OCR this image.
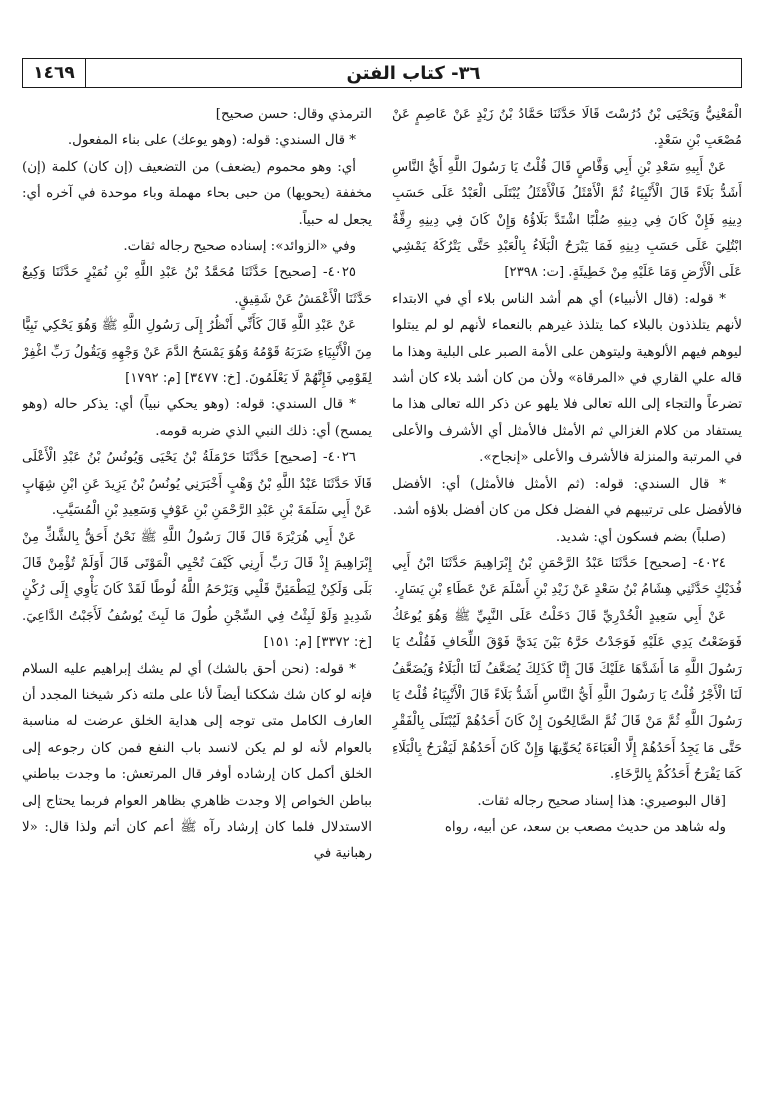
٣٦- كتاب الفتن
١٤٦٩

الْمَعْنِيُّ وَيَحْيَى بْنُ دُرُسْتَ قَالَا حَدَّثَنَا حَمَّادُ بْنُ زَيْدٍ عَنْ عَاصِمٍ عَنْ مُصْعَبِ بْنِ سَعْدٍ.

عَنْ أَبِيهِ سَعْدِ بْنِ أَبِي وَقَّاصٍ قَالَ قُلْتُ يَا رَسُولَ اللَّهِ أَيُّ النَّاسِ أَشَدُّ بَلَاءً قَالَ الْأَنْبِيَاءُ ثُمَّ الْأَمْثَلُ فَالْأَمْثَلُ يُبْتَلَى الْعَبْدُ عَلَى حَسَبِ دِينِهِ فَإِنْ كَانَ فِي دِينِهِ صُلْبًا اشْتَدَّ بَلَاؤُهُ وَإِنْ كَانَ فِي دِينِهِ رِقَّةٌ ابْتُلِيَ عَلَى حَسَبِ دِينِهِ فَمَا يَبْرَحُ الْبَلَاءُ بِالْعَبْدِ حَتَّى يَتْرُكَهُ يَمْشِي عَلَى الْأَرْضِ وَمَا عَلَيْهِ مِنْ خَطِيئَةٍ. [ت: ٢٣٩٨]

* قوله: (قال الأنبياء) أي هم أشد الناس بلاء أي في الابتداء لأنهم يتلذذون بالبلاء كما يتلذذ غيرهم بالنعماء لأنهم لو لم يبتلوا ليوهم فيهم الألوهية وليتوهن على الأمة الصبر على البلية وهذا ما قاله علي القاري في «المرقاة» ولأن من كان أشد بلاء كان أشد تضرعاً والتجاء إلى الله تعالى فلا يلهو عن ذكر الله تعالى هذا ما يستفاد من كلام الغزالي ثم الأمثل فالأمثل أي الأشرف والأعلى في المرتبة والمنزلة فالأشرف والأعلى «إنجاح».

* قال السندي: قوله: (ثم الأمثل فالأمثل) أي: الأفضل فالأفضل على ترتيبهم في الفضل فكل من كان أفضل بلاؤه أشد.

(صلباً) بضم فسكون أي: شديد.

٤٠٢٤- [صحيح] حَدَّثَنَا عَبْدُ الرَّحْمَنِ بْنُ إِبْرَاهِيمَ حَدَّثَنَا ابْنُ أَبِي فُدَيْكٍ حَدَّثَنِي هِشَامُ بْنُ سَعْدٍ عَنْ زَيْدِ بْنِ أَسْلَمَ عَنْ عَطَاءِ بْنِ يَسَارٍ.

عَنْ أَبِي سَعِيدٍ الْخُدْرِيِّ قَالَ دَخَلْتُ عَلَى النَّبِيِّ ﷺ وَهُوَ يُوعَكُ فَوَضَعْتُ يَدِي عَلَيْهِ فَوَجَدْتُ حَرَّهُ بَيْنَ يَدَيَّ فَوْقَ اللِّحَافِ فَقُلْتُ يَا رَسُولَ اللَّهِ مَا أَشَدَّهَا عَلَيْكَ قَالَ إِنَّا كَذَلِكَ يُضَعَّفُ لَنَا الْبَلَاءُ وَيُضَعَّفُ لَنَا الْأَجْرُ قُلْتُ يَا رَسُولَ اللَّهِ أَيُّ النَّاسِ أَشَدُّ بَلَاءً قَالَ الْأَنْبِيَاءُ قُلْتُ يَا رَسُولَ اللَّهِ ثُمَّ مَنْ قَالَ ثُمَّ الصَّالِحُونَ إِنْ كَانَ أَحَدُهُمْ لَيُبْتَلَى بِالْفَقْرِ حَتَّى مَا يَجِدُ أَحَدُهُمْ إِلَّا الْعَبَاءَةَ يُحَوِّيهَا وَإِنْ كَانَ أَحَدُهُمْ لَيَفْرَحُ بِالْبَلَاءِ كَمَا يَفْرَحُ أَحَدُكُمْ بِالرَّخَاءِ.

[قال البوصيري: هذا إسناد صحيح رجاله ثقات.

وله شاهد من حديث مصعب بن سعد، عن أبيه، رواه

الترمذي وقال: حسن صحيح]

* قال السندي: قوله: (وهو يوعك) على بناء المفعول.

أي: وهو محموم (يضعف) من التضعيف (إن كان) كلمة (إن) مخففة (يحويها) من حبى بحاء مهملة وباء موحدة في آخره أي: يجعل له حبياً.

وفي «الزوائد»: إسناده صحيح رجاله ثقات.

٤٠٢٥- [صحيح] حَدَّثَنَا مُحَمَّدُ بْنُ عَبْدِ اللَّهِ بْنِ نُمَيْرٍ حَدَّثَنَا وَكِيعٌ حَدَّثَنَا الْأَعْمَشُ عَنْ شَقِيقٍ.

عَنْ عَبْدِ اللَّهِ قَالَ كَأَنِّي أَنْظُرُ إِلَى رَسُولِ اللَّهِ ﷺ وَهُوَ يَحْكِي نَبِيًّا مِنَ الْأَنْبِيَاءِ ضَرَبَهُ قَوْمُهُ وَهُوَ يَمْسَحُ الدَّمَ عَنْ وَجْهِهِ وَيَقُولُ رَبِّ اغْفِرْ لِقَوْمِي فَإِنَّهُمْ لَا يَعْلَمُونَ. [خ: ٣٤٧٧] [م: ١٧٩٢]

* قال السندي: قوله: (وهو يحكي نبياً) أي: يذكر حاله (وهو يمسح) أي: ذلك النبي الذي ضربه قومه.

٤٠٢٦- [صحيح] حَدَّثَنَا حَرْمَلَةُ بْنُ يَحْيَى وَيُونُسُ بْنُ عَبْدِ الْأَعْلَى قَالَا حَدَّثَنَا عَبْدُ اللَّهِ بْنُ وَهْبٍ أَخْبَرَنِي يُونُسُ بْنُ يَزِيدَ عَنِ ابْنِ شِهَابٍ عَنْ أَبِي سَلَمَةَ بْنِ عَبْدِ الرَّحْمَنِ بْنِ عَوْفٍ وَسَعِيدِ بْنِ الْمُسَيَّبِ.

عَنْ أَبِي هُرَيْرَةَ قَالَ قَالَ رَسُولُ اللَّهِ ﷺ نَحْنُ أَحَقُّ بِالشَّكِّ مِنْ إِبْرَاهِيمَ إِذْ قَالَ رَبِّ أَرِنِي كَيْفَ تُحْيِي الْمَوْتَى قَالَ أَوَلَمْ تُؤْمِنْ قَالَ بَلَى وَلَكِنْ لِيَطْمَئِنَّ قَلْبِي وَيَرْحَمُ اللَّهُ لُوطًا لَقَدْ كَانَ يَأْوِي إِلَى رُكْنٍ شَدِيدٍ وَلَوْ لَبِثْتُ فِي السِّجْنِ طُولَ مَا لَبِثَ يُوسُفُ لَأَجَبْتُ الدَّاعِيَ. [خ: ٣٣٧٢] [م: ١٥١]

* قوله: (نحن أحق بالشك) أي لم يشك إبراهيم عليه السلام فإنه لو كان شك شككنا أيضاً لأنا على ملته ذكر شيخنا المجدد أن العارف الكامل متى توجه إلى هداية الخلق عرضت له مناسبة بالعوام لأنه لو لم يكن لانسد باب النفع فمن كان رجوعه إلى الخلق أكمل كان إرشاده أوفر قال المرتعش: ما وجدت بباطني بباطن الخواص إلا وجدت ظاهري بظاهر العوام فربما يحتاج إلى الاستدلال فلما كان إرشاد رآه ﷺ أعم كان أتم ولذا قال: «لا رهبانية في
